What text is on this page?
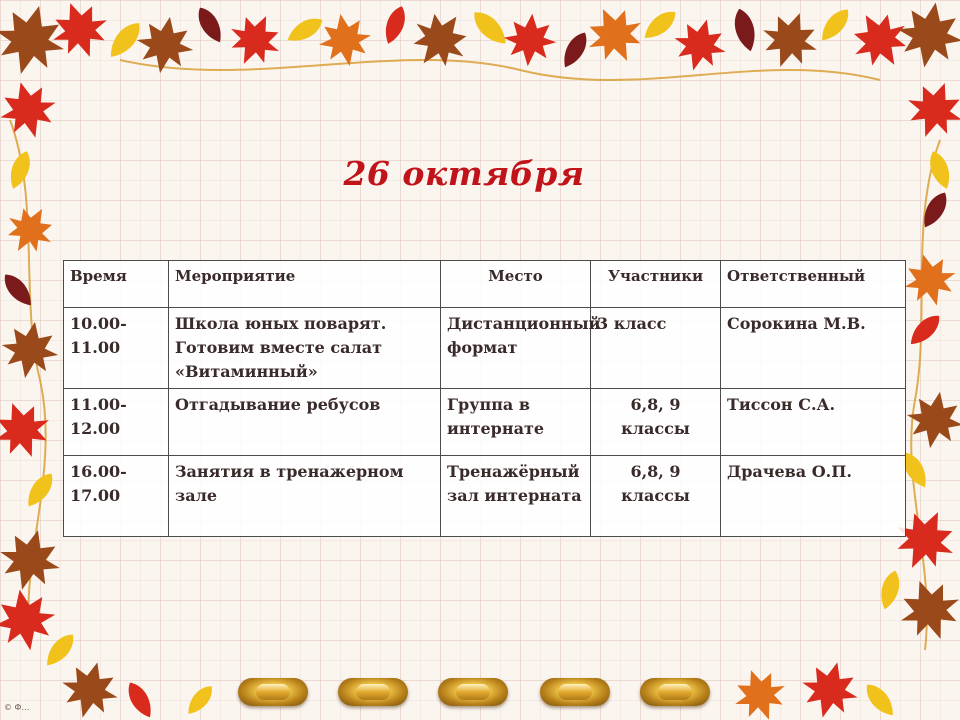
26 октября
Время	Мероприятие	Место	Участники	Ответственный
10.00-11.00	Школа юных поварят. Готовим вместе салат «Витаминный»	Дистанционный формат	3 класс	Сорокина М.В.
11.00-12.00	Отгадывание ребусов	Группа в интернате	6,8, 9 классы	Тиссон С.А.
16.00-17.00	Занятия в тренажерном зале	Тренажёрный зал интерната	6,8, 9 классы	Драчева О.П.
© Ф…
